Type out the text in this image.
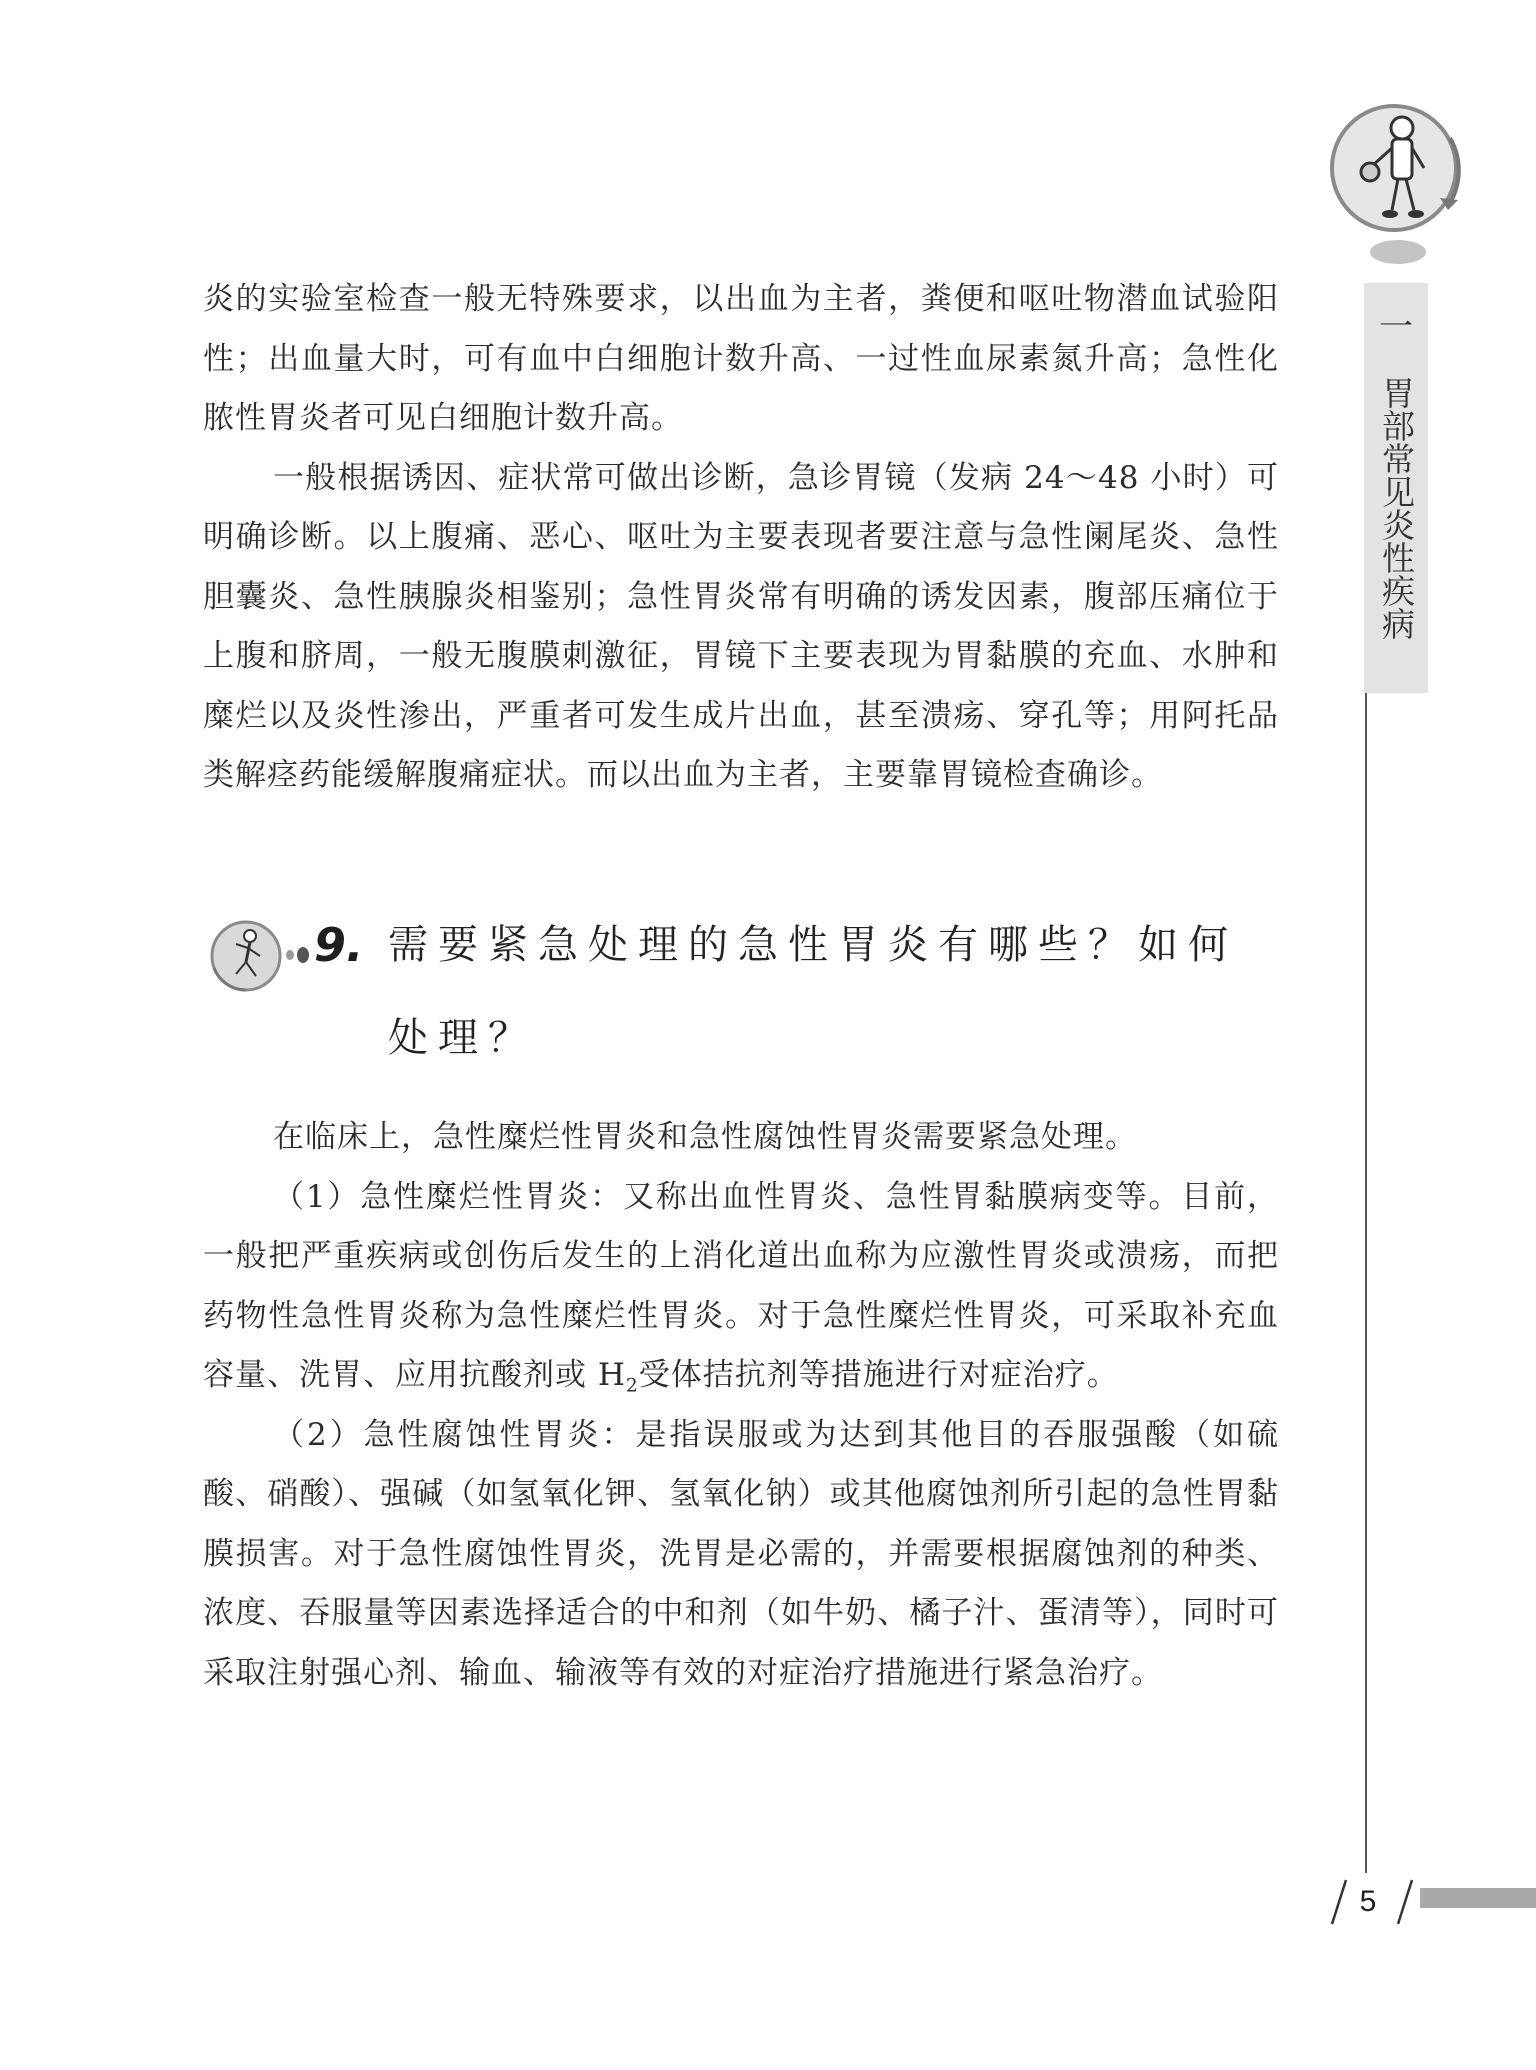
一
胃部常见炎性疾病

炎的实验室检查一般无特殊要求，以出血为主者，粪便和呕吐物潜血试验阳性；出血量大时，可有血中白细胞计数升高、一过性血尿素氮升高；急性化脓性胃炎者可见白细胞计数升高。

一般根据诱因、症状常可做出诊断，急诊胃镜（发病 24～48 小时）可明确诊断。以上腹痛、恶心、呕吐为主要表现者要注意与急性阑尾炎、急性胆囊炎、急性胰腺炎相鉴别；急性胃炎常有明确的诱发因素，腹部压痛位于上腹和脐周，一般无腹膜刺激征，胃镜下主要表现为胃黏膜的充血、水肿和糜烂以及炎性渗出，严重者可发生成片出血，甚至溃疡、穿孔等；用阿托品类解痉药能缓解腹痛症状。而以出血为主者，主要靠胃镜检查确诊。

9. 需要紧急处理的急性胃炎有哪些？如何
处理？

在临床上，急性糜烂性胃炎和急性腐蚀性胃炎需要紧急处理。

（1）急性糜烂性胃炎：又称出血性胃炎、急性胃黏膜病变等。目前，一般把严重疾病或创伤后发生的上消化道出血称为应激性胃炎或溃疡，而把药物性急性胃炎称为急性糜烂性胃炎。对于急性糜烂性胃炎，可采取补充血容量、洗胃、应用抗酸剂或 $H_2$受体拮抗剂等措施进行对症治疗。

（2）急性腐蚀性胃炎：是指误服或为达到其他目的吞服强酸（如硫酸、硝酸）、强碱（如氢氧化钾、氢氧化钠）或其他腐蚀剂所引起的急性胃黏膜损害。对于急性腐蚀性胃炎，洗胃是必需的，并需要根据腐蚀剂的种类、浓度、吞服量等因素选择适合的中和剂（如牛奶、橘子汁、蛋清等），同时可采取注射强心剂、输血、输液等有效的对症治疗措施进行紧急治疗。

5
